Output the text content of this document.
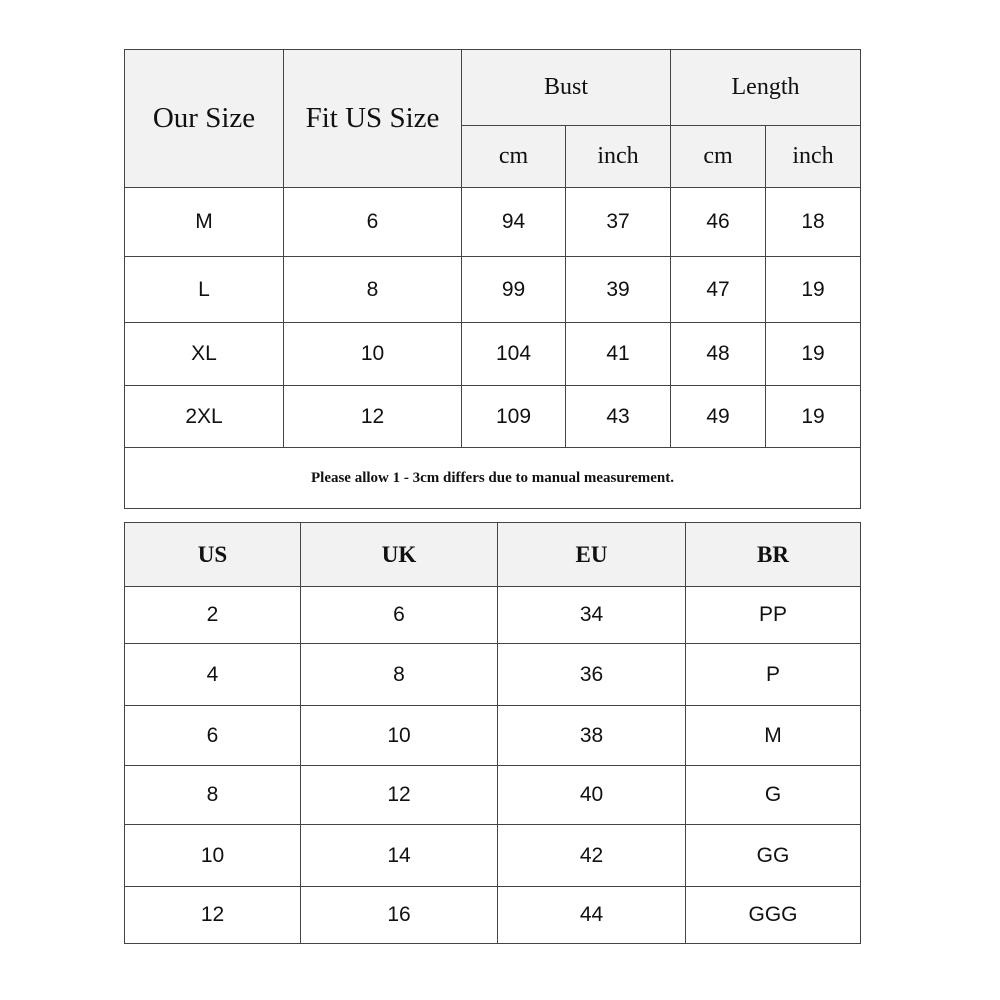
Our Size	Fit US Size
Bust	Length
cm	inch	cm	inch
M	6	94	37	46	18
L	8	99	39	47	19
XL	10	104	41	48	19
2XL	12	109	43	49	19
Please allow 1 - 3cm differs due to manual measurement.
US	UK	EU	BR
2	6	34	PP
4	8	36	P
6	10	38	M
8	12	40	G
10	14	42	GG
12	16	44	GGG
